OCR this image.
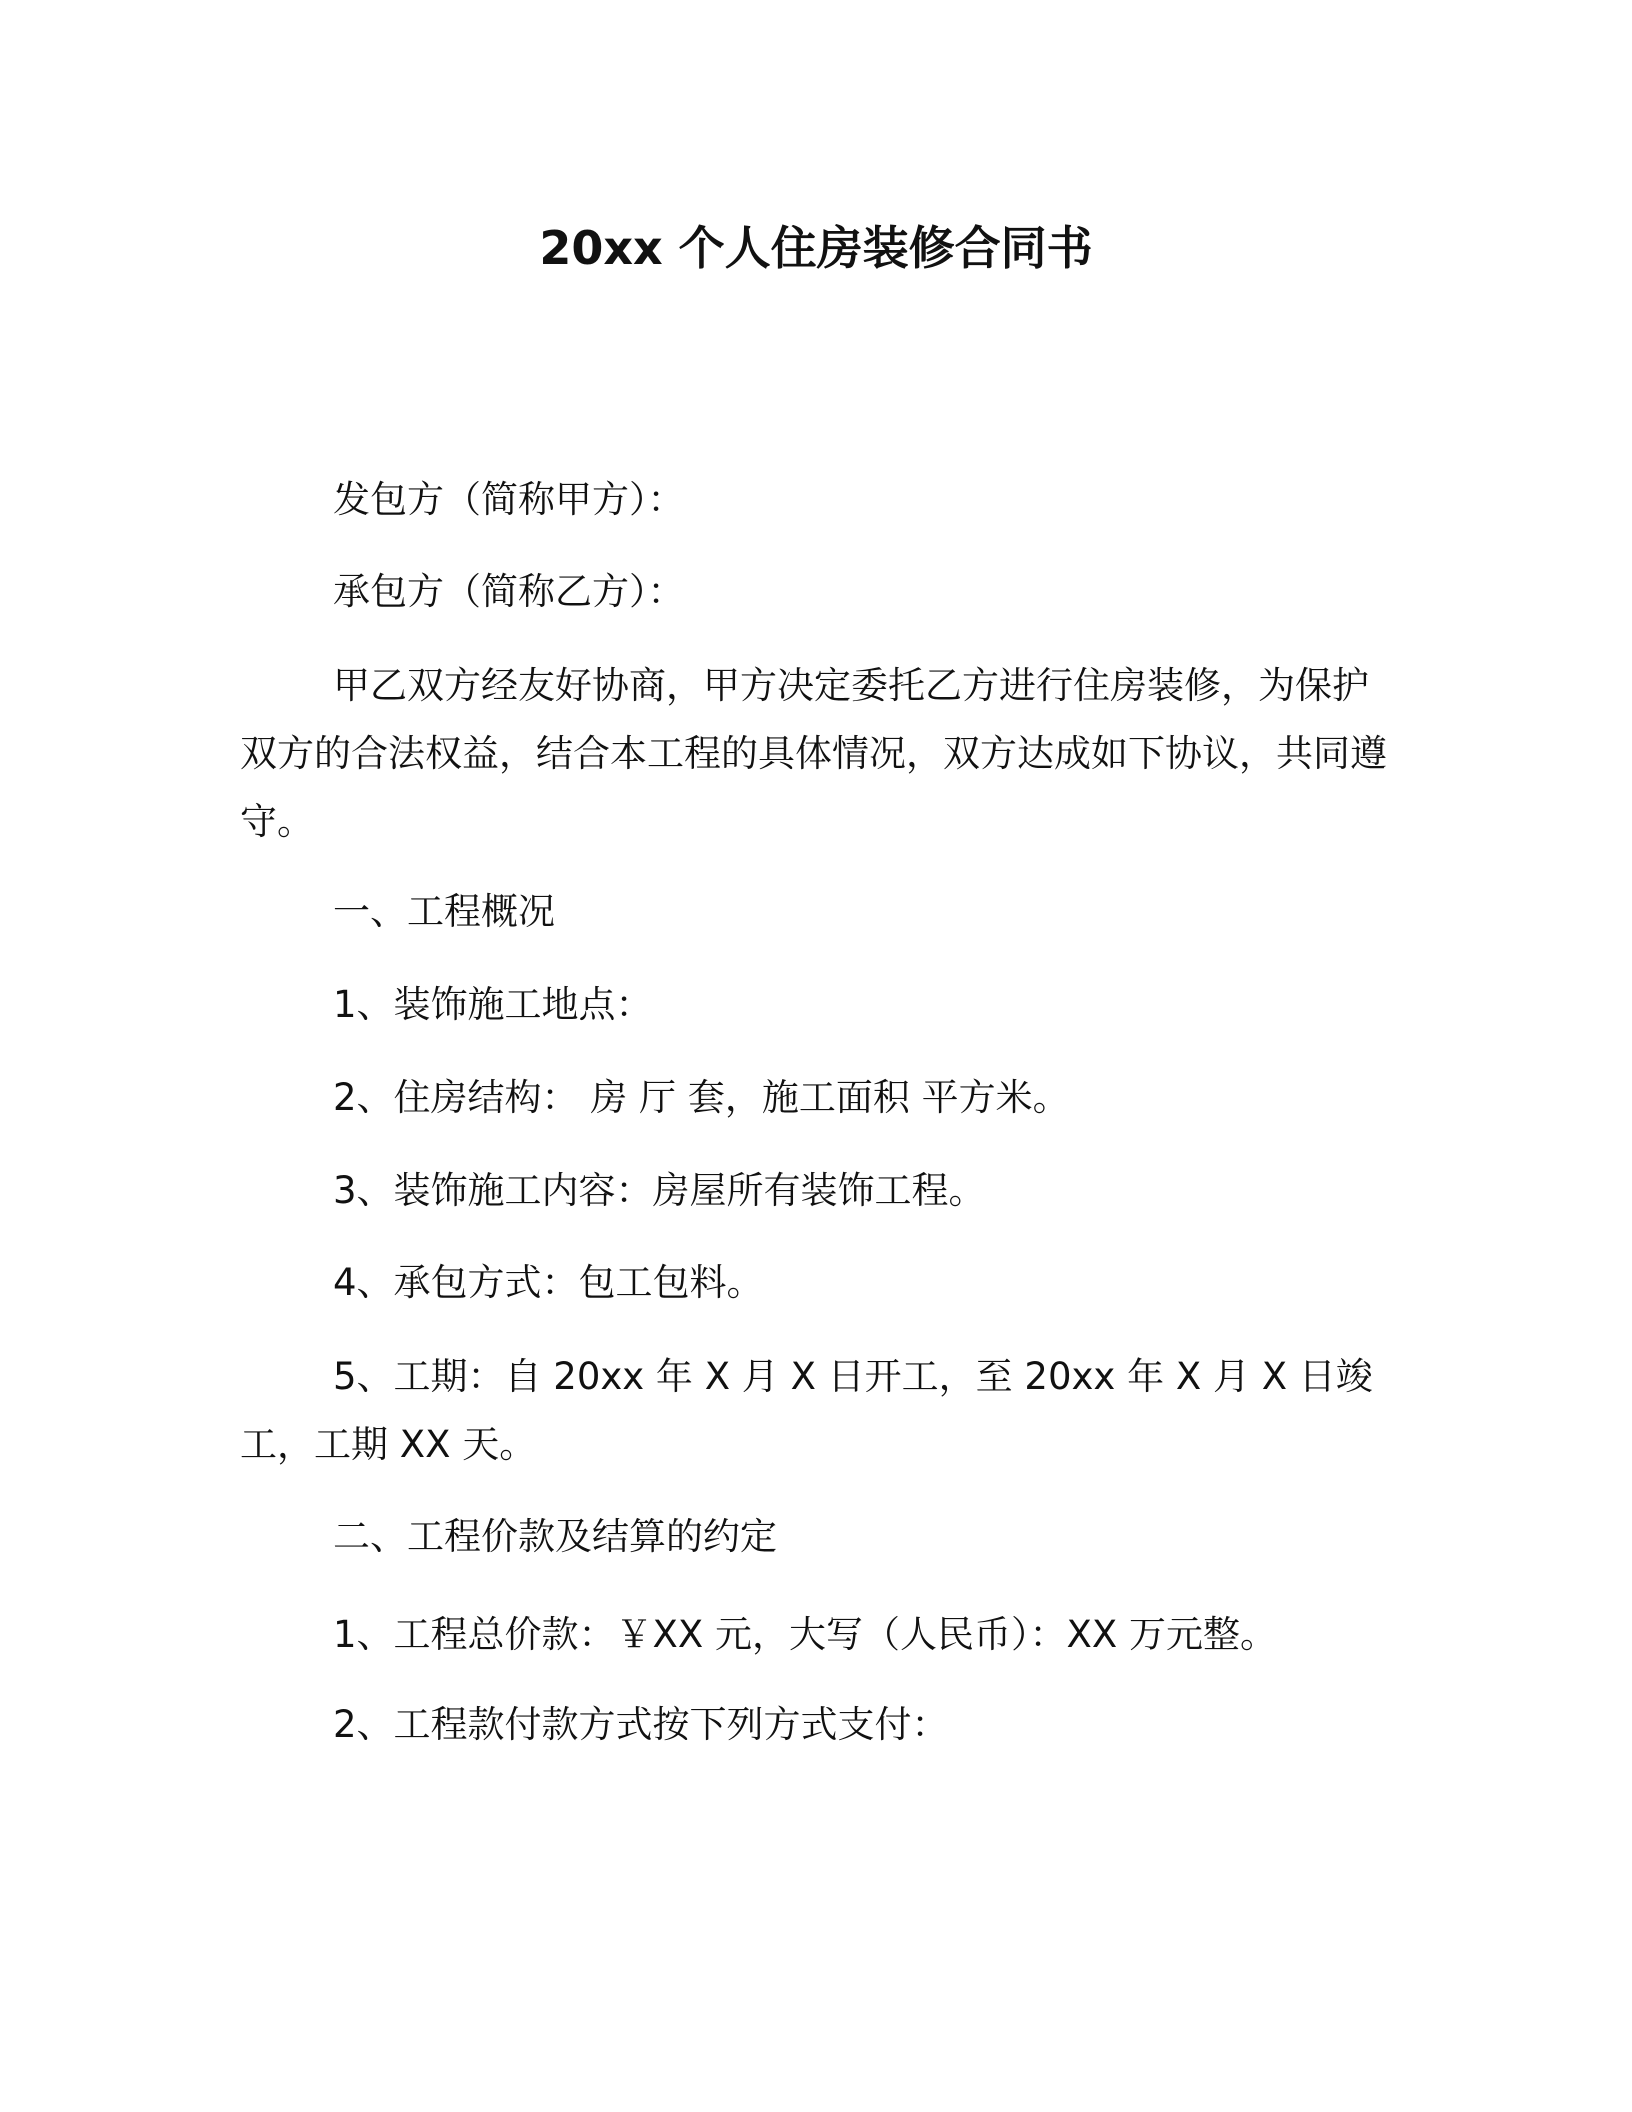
20xx 个人住房装修合同书
发包方（简称甲方）：
承包方（简称乙方）：
甲乙双方经友好协商，甲方决定委托乙方进行住房装修，为保护双方的合法权益，结合本工程的具体情况，双方达成如下协议，共同遵守。
一、工程概况
1、装饰施工地点：
2、住房结构： 房 厅 套，施工面积 平方米。
3、装饰施工内容：房屋所有装饰工程。
4、承包方式：包工包料。
5、工期：自 20xx 年 X 月 X 日开工，至 20xx 年 X 月 X 日竣工，工期 XX 天。
二、工程价款及结算的约定
1、工程总价款：￥XX 元，大写（人民币）：XX 万元整。
2、工程款付款方式按下列方式支付：
